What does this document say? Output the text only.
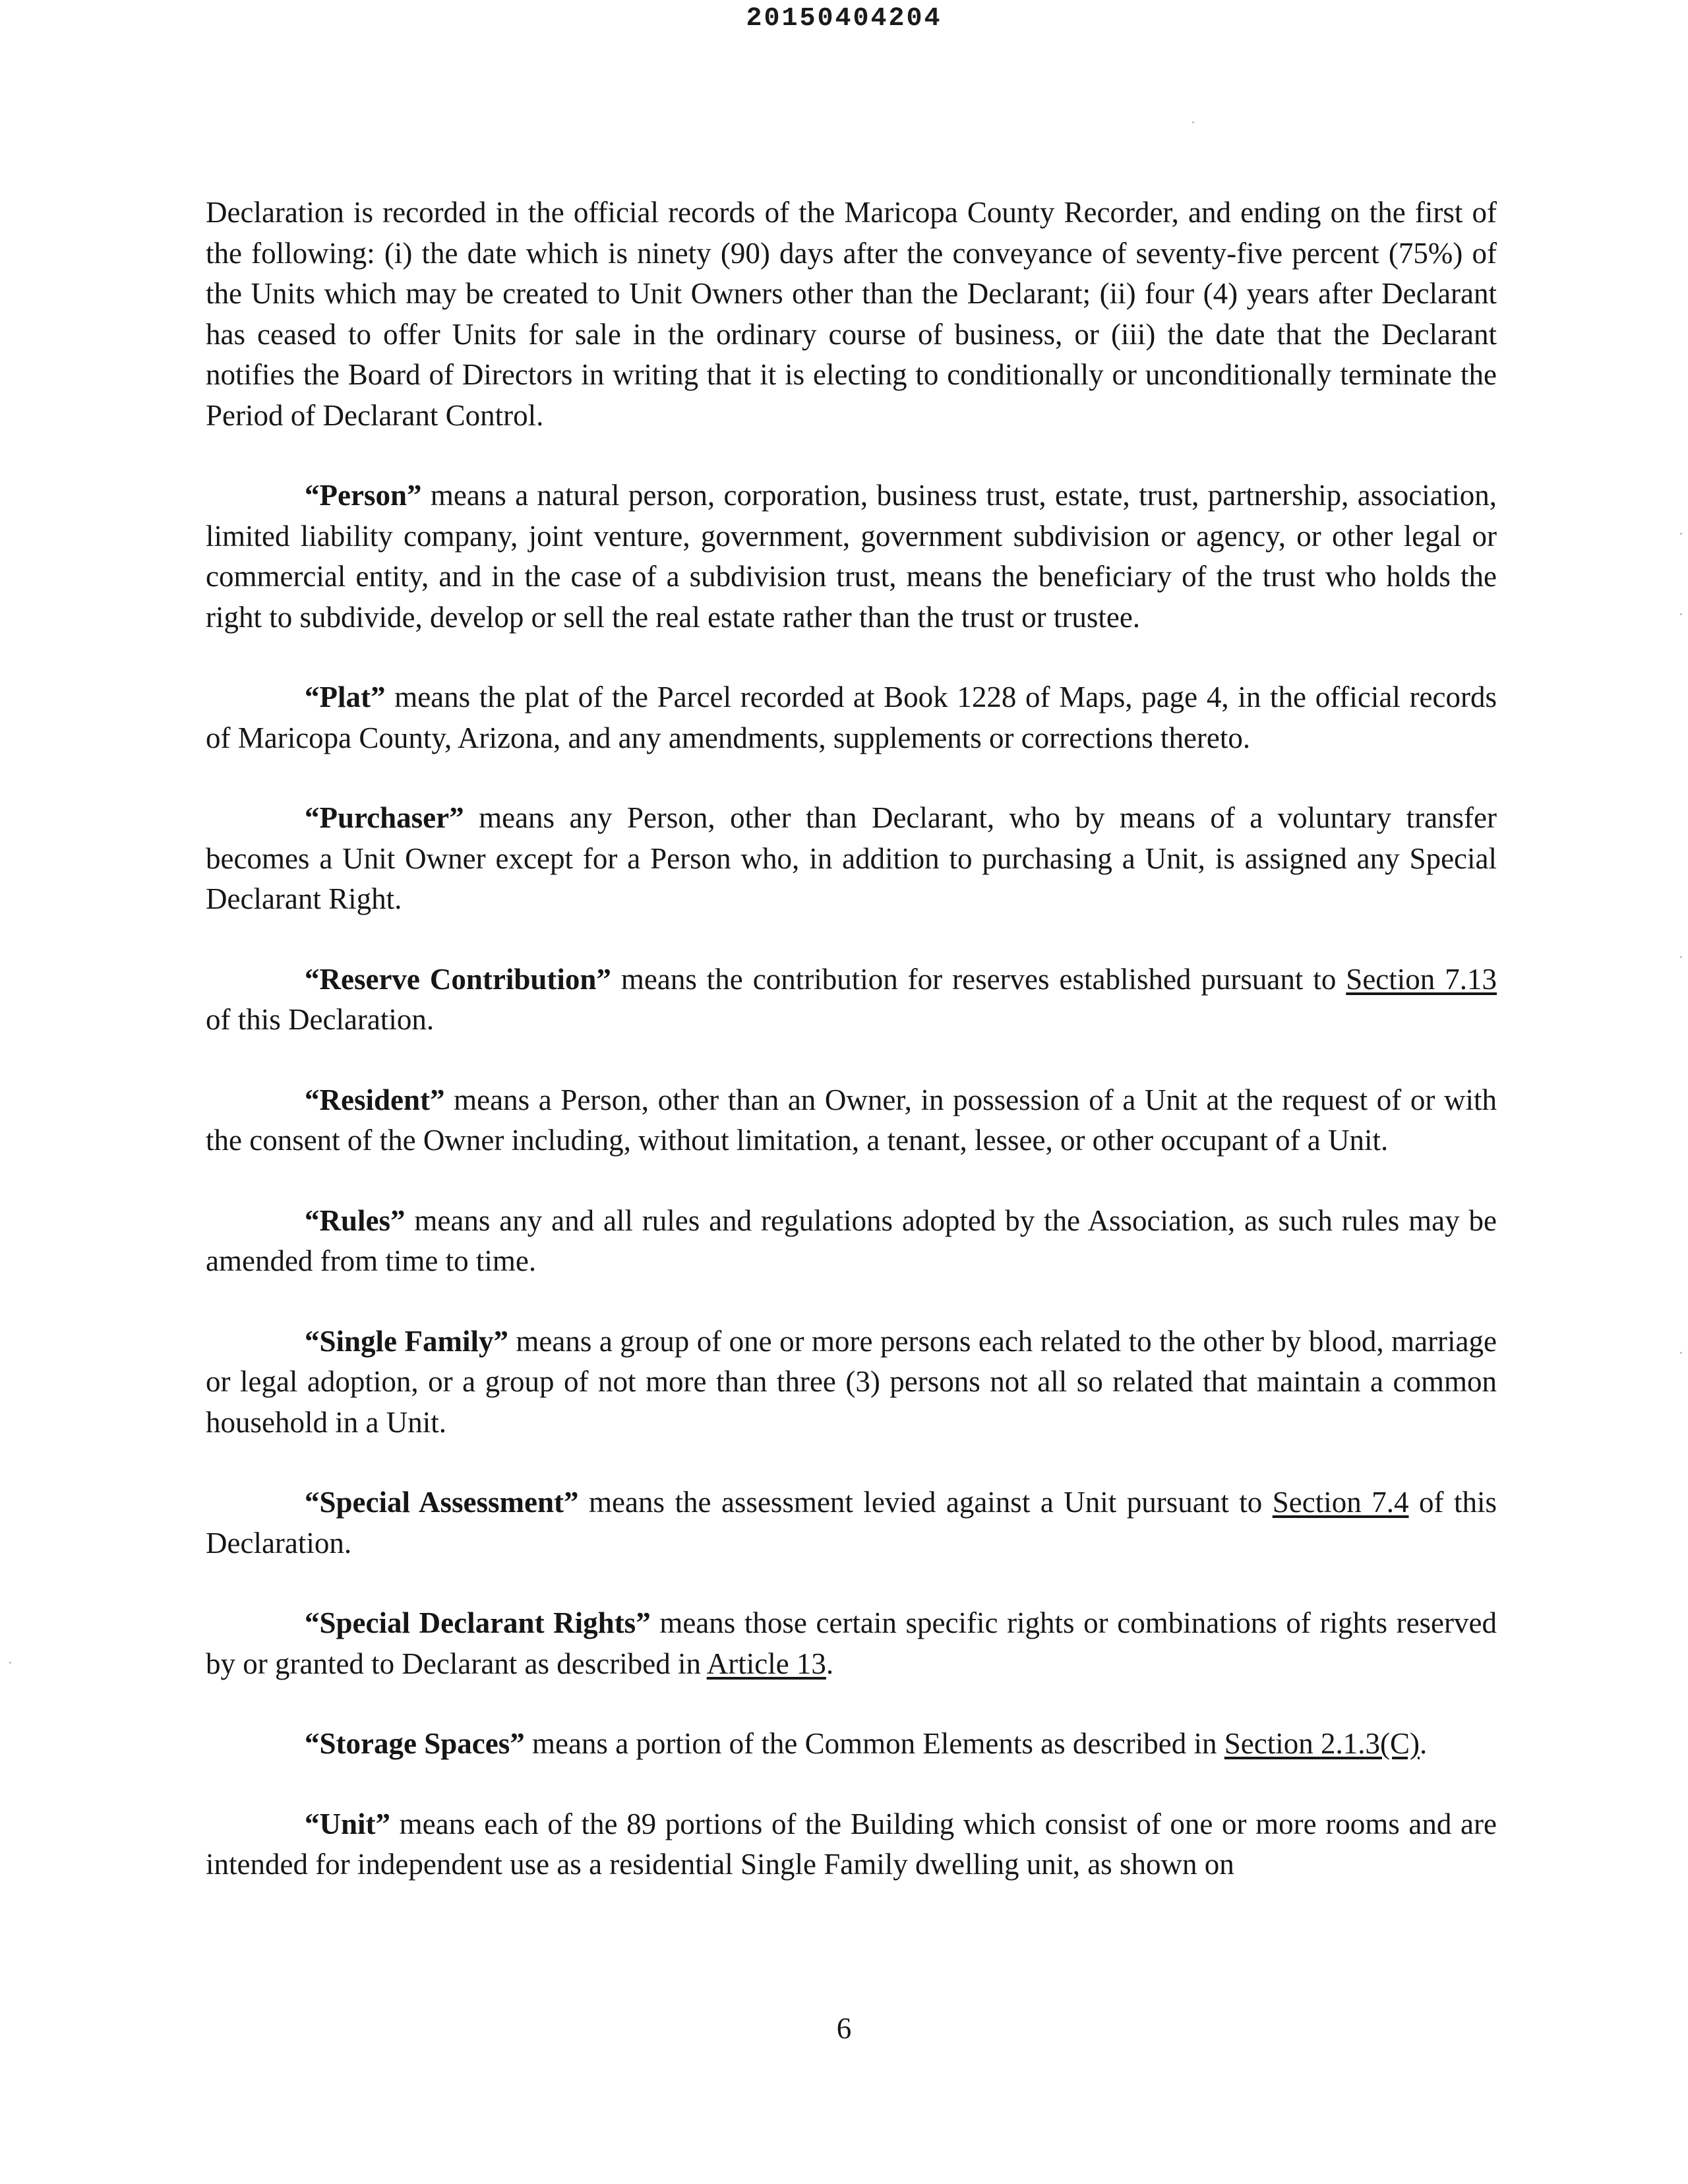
20150404204

Declaration is recorded in the official records of the Maricopa County Recorder, and ending on the first of the following: (i) the date which is ninety (90) days after the conveyance of seventy-five percent (75%) of the Units which may be created to Unit Owners other than the Declarant; (ii) four (4) years after Declarant has ceased to offer Units for sale in the ordinary course of business, or (iii) the date that the Declarant notifies the Board of Directors in writing that it is electing to conditionally or unconditionally terminate the Period of Declarant Control.

“Person” means a natural person, corporation, business trust, estate, trust, partnership, association, limited liability company, joint venture, government, government subdivision or agency, or other legal or commercial entity, and in the case of a subdivision trust, means the beneficiary of the trust who holds the right to subdivide, develop or sell the real estate rather than the trust or trustee.

“Plat” means the plat of the Parcel recorded at Book 1228 of Maps, page 4, in the official records of Maricopa County, Arizona, and any amendments, supplements or corrections thereto.

“Purchaser” means any Person, other than Declarant, who by means of a voluntary transfer becomes a Unit Owner except for a Person who, in addition to purchasing a Unit, is assigned any Special Declarant Right.

“Reserve Contribution” means the contribution for reserves established pursuant to Section 7.13 of this Declaration.

“Resident” means a Person, other than an Owner, in possession of a Unit at the request of or with the consent of the Owner including, without limitation, a tenant, lessee, or other occupant of a Unit.

“Rules” means any and all rules and regulations adopted by the Association, as such rules may be amended from time to time.

“Single Family” means a group of one or more persons each related to the other by blood, marriage or legal adoption, or a group of not more than three (3) persons not all so related that maintain a common household in a Unit.

“Special Assessment” means the assessment levied against a Unit pursuant to Section 7.4 of this Declaration.

“Special Declarant Rights” means those certain specific rights or combinations of rights reserved by or granted to Declarant as described in Article 13.

“Storage Spaces” means a portion of the Common Elements as described in Section 2.1.3(C).

“Unit” means each of the 89 portions of the Building which consist of one or more rooms and are intended for independent use as a residential Single Family dwelling unit, as shown on

6
